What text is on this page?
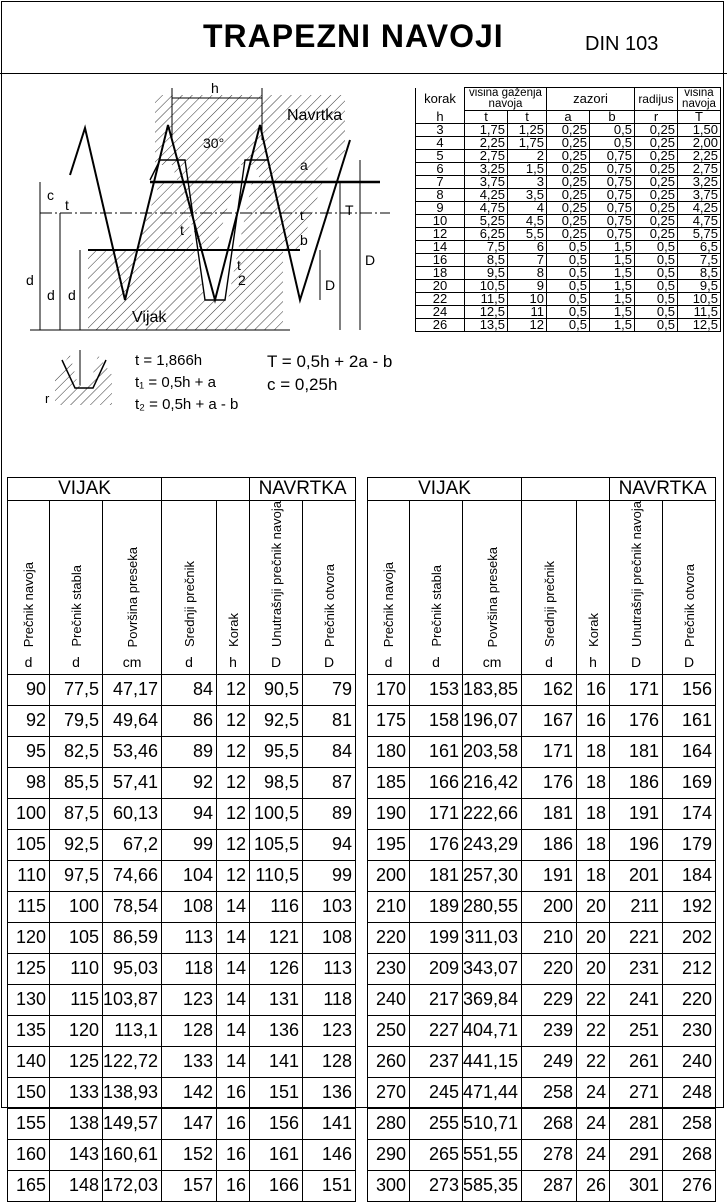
TRAPEZNI NAVOJI	DIN 103
h
30°
Navrtka
Vijak
t
2
t
c
t
t
a
b
T
D
D
d
d d
r
t = 1,866h
t₁ = 0,5h + a
t₂ = 0,5h + a - b
T = 0,5h + 2a - b
c = 0,25h
korak	visina gaženja navoja		zazori		radijus	visina navoja
h	t	t	a	b	r	T
3	1,75	1,25	0,25	0,5	0,25	1,50
4	2,25	1,75	0,25	0,5	0,25	2,00
5	2,75	2	0,25	0,75	0,25	2,25
6	3,25	1,5	0,25	0,75	0,25	2,75
7	3,75	3	0,25	0,75	0,25	3,25
8	4,25	3,5	0,25	0,75	0,25	3,75
9	4,75	4	0,25	0,75	0,25	4,25
10	5,25	4,5	0,25	0,75	0,25	4,75
12	6,25	5,5	0,25	0,75	0,25	5,75
14	7,5	6	0,5	1,5	0,5	6,5
16	8,5	7	0,5	1,5	0,5	7,5
18	9,5	8	0,5	1,5	0,5	8,5
20	10,5	9	0,5	1,5	0,5	9,5
22	11,5	10	0,5	1,5	0,5	10,5
24	12,5	11	0,5	1,5	0,5	11,5
26	13,5	12	0,5	1,5	0,5	12,5
VIJAK					NAVRTKA	
Prečnik navoja	Prečnik stabla	Površina preseka	Srednji prečnik	Korak	Unutrašnji prečnik navoja	Prečnik otvora
d	d	cm	d	h	D	D
90	77,5	47,17	84	12	90,5	79
92	79,5	49,64	86	12	92,5	81
95	82,5	53,46	89	12	95,5	84
98	85,5	57,41	92	12	98,5	87
100	87,5	60,13	94	12	100,5	89
105	92,5	67,2	99	12	105,5	94
110	97,5	74,66	104	12	110,5	99
115	100	78,54	108	14	116	103
120	105	86,59	113	14	121	108
125	110	95,03	118	14	126	113
130	115	103,87	123	14	131	118
135	120	113,1	128	14	136	123
140	125	122,72	133	14	141	128
150	133	138,93	142	16	151	136
155	138	149,57	147	16	156	141
160	143	160,61	152	16	161	146
165	148	172,03	157	16	166	151
VIJAK					NAVRTKA	
Prečnik navoja	Prečnik stabla	Površina preseka	Srednji prečnik	Korak	Unutrašnji prečnik navoja	Prečnik otvora
d	d	cm	d	h	D	D
170	153	183,85	162	16	171	156
175	158	196,07	167	16	176	161
180	161	203,58	171	18	181	164
185	166	216,42	176	18	186	169
190	171	222,66	181	18	191	174
195	176	243,29	186	18	196	179
200	181	257,30	191	18	201	184
210	189	280,55	200	20	211	192
220	199	311,03	210	20	221	202
230	209	343,07	220	20	231	212
240	217	369,84	229	22	241	220
250	227	404,71	239	22	251	230
260	237	441,15	249	22	261	240
270	245	471,44	258	24	271	248
280	255	510,71	268	24	281	258
290	265	551,55	278	24	291	268
300	273	585,35	287	26	301	276
